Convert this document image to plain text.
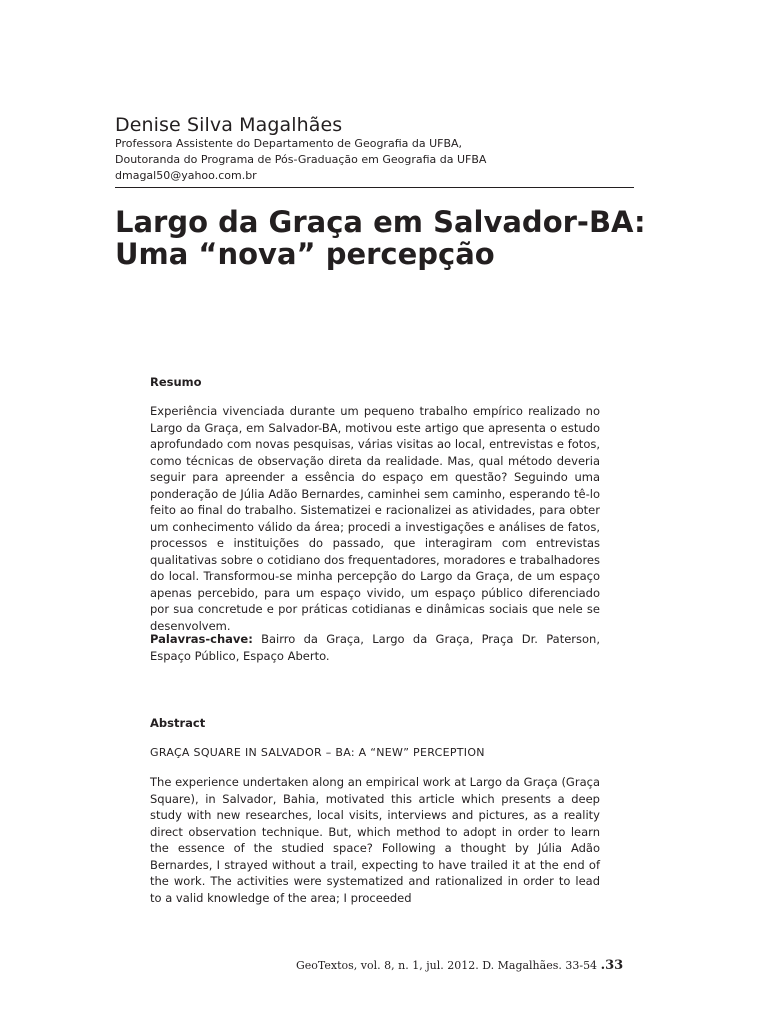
Denise Silva Magalhães
Professora Assistente do Departamento de Geografia da UFBA,
Doutoranda do Programa de Pós-Graduação em Geografia da UFBA
dmagal50@yahoo.com.br
Largo da Graça em Salvador-BA:
Uma “nova” percepção
Resumo
Experiência vivenciada durante um pequeno trabalho empírico realizado no Largo da Graça, em Salvador-BA, motivou este artigo que apresenta o estudo aprofundado com novas pesquisas, várias visitas ao local, entrevistas e fotos, como técnicas de observação direta da realidade. Mas, qual método deveria seguir para apreender a essência do espaço em questão? Seguindo uma ponderação de Júlia Adão Bernardes, caminhei sem caminho, esperando tê-lo feito ao final do trabalho. Sistematizei e racionalizei as atividades, para obter um conhecimento válido da área; procedi a investigações e análises de fatos, processos e instituições do passado, que interagiram com entrevistas qualitativas sobre o cotidiano dos frequentadores, moradores e trabalhadores do local. Transformou-se minha percepção do Largo da Graça, de um espaço apenas percebido, para um espaço vivido, um espaço público diferenciado por sua concretude e por práticas cotidianas e dinâmicas sociais que nele se desenvolvem.
Palavras-chave: Bairro da Graça, Largo da Graça, Praça Dr. Paterson, Espaço Público, Espaço Aberto.
Abstract
GRAÇA SQUARE IN SALVADOR – BA: A “NEW” PERCEPTION
The experience undertaken along an empirical work at Largo da Graça (Graça Square), in Salvador, Bahia, motivated this article which presents a deep study with new researches, local visits, interviews and pictures, as a reality direct observation technique. But, which method to adopt in order to learn the essence of the studied space? Following a thought by Júlia Adão Bernardes, I strayed without a trail, expecting to have trailed it at the end of the work. The activities were systematized and rationalized in order to lead to a valid knowledge of the area; I proceeded
GeoTextos, vol. 8, n. 1, jul. 2012. D. Magalhães. 33-54 .33
